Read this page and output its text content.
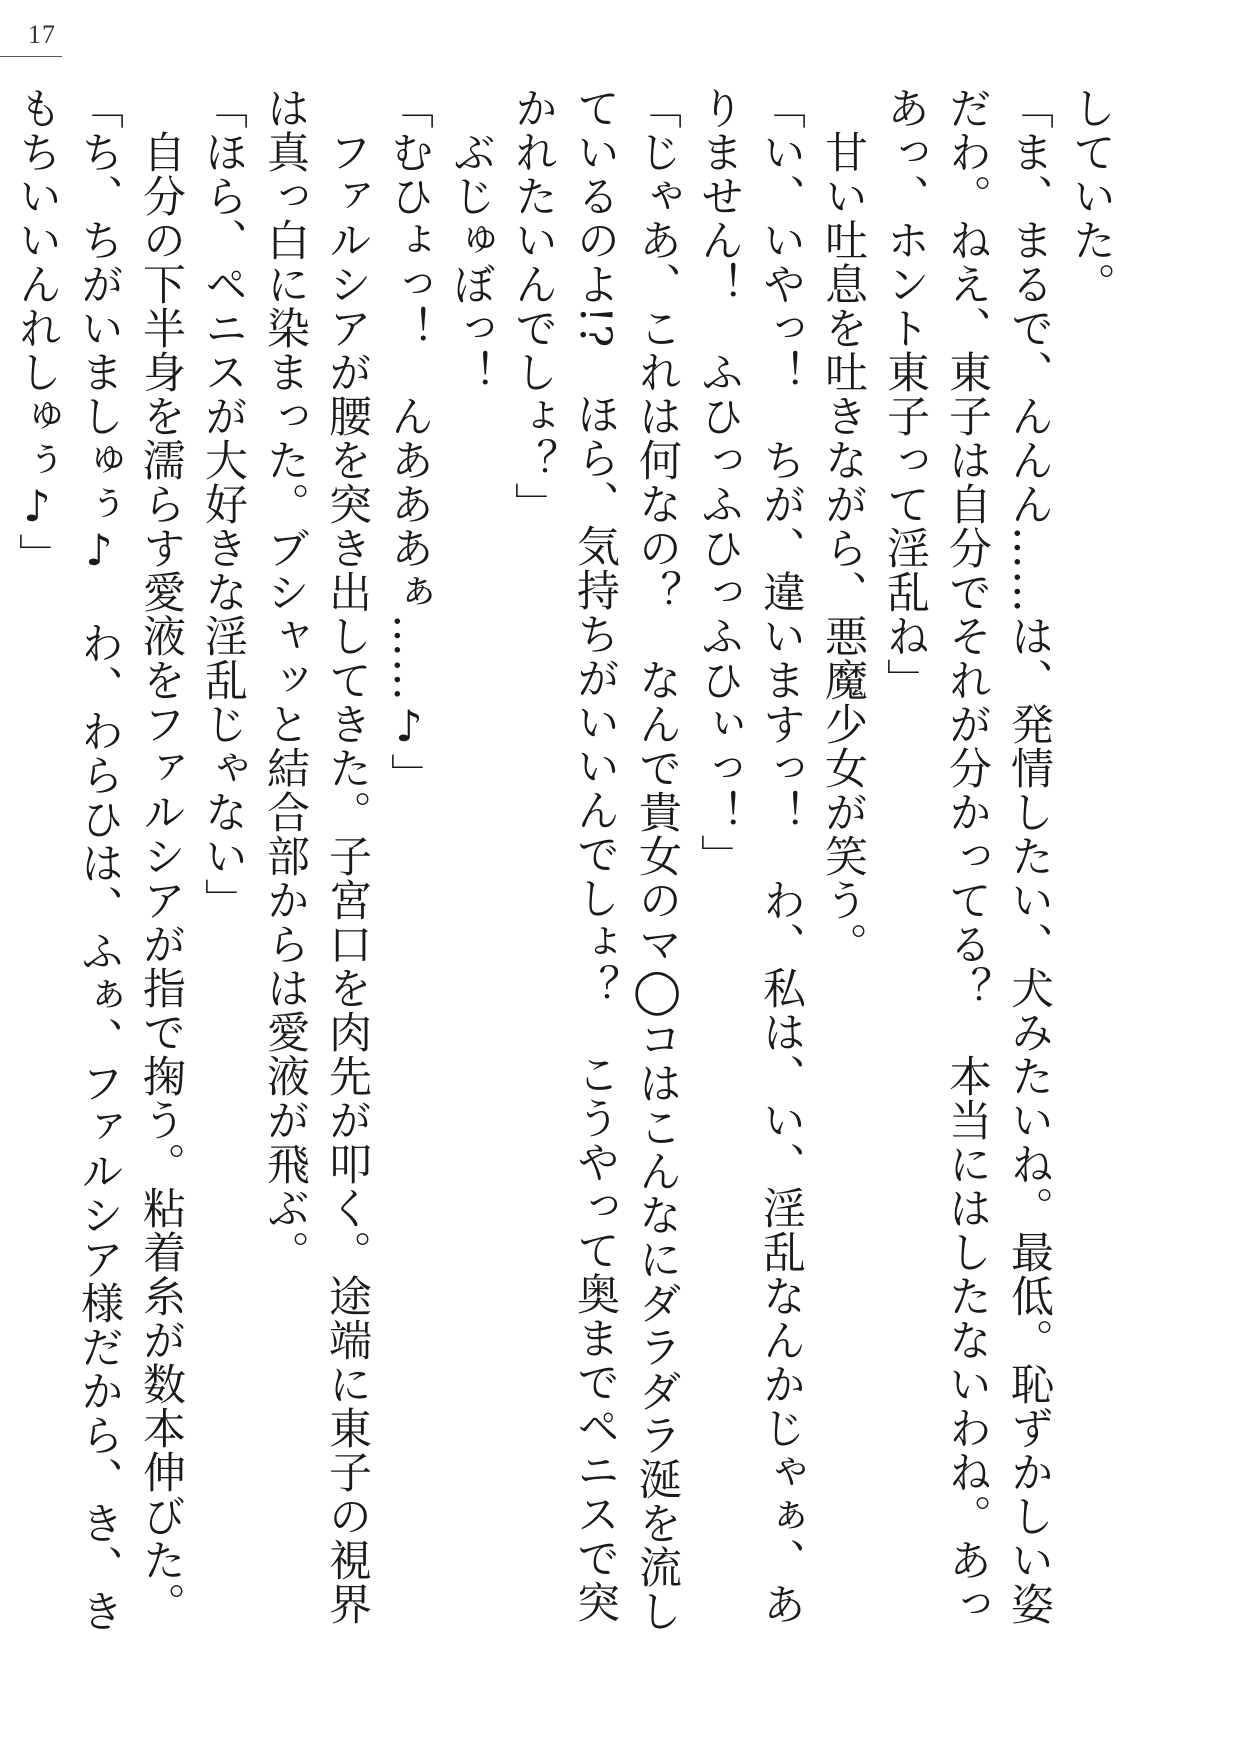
17

していた。

「ま、まるで、んんん……は、発情したい、犬みたいね。最低。恥ずかしい姿だわ。ねえ、東子は自分でそれが分かってる？　本当にはしたないわね。あっあっ、ホント東子って淫乱ね」

　甘い吐息を吐きながら、悪魔少女が笑う。

「い、いやっ！　ちが、違いますっ！　わ、私は、い、淫乱なんかじゃぁ、ありません！　ふひっふひっふひぃっ！」

「じゃあ、これは何なの？　なんで貴女のマ◯コはこんなにダラダラ涎を流しているのよ!?　ほら、気持ちがいいんでしょ？　こうやって奥までペニスで突かれたいんでしょ？」

　ぶじゅぼっ！

「むひょっ！　んあああぁ……♪」

　ファルシアが腰を突き出してきた。子宮口を肉先が叩く。途端に東子の視界は真っ白に染まった。ブシャッと結合部からは愛液が飛ぶ。

「ほら、ペニスが大好きな淫乱じゃない」

　自分の下半身を濡らす愛液をファルシアが指で掬う。粘着糸が数本伸びた。

「ち、ちがいましゅぅ♪　わ、わらひは、ふぁ、ファルシア様だから、き、きもちいいんれしゅぅ♪」
